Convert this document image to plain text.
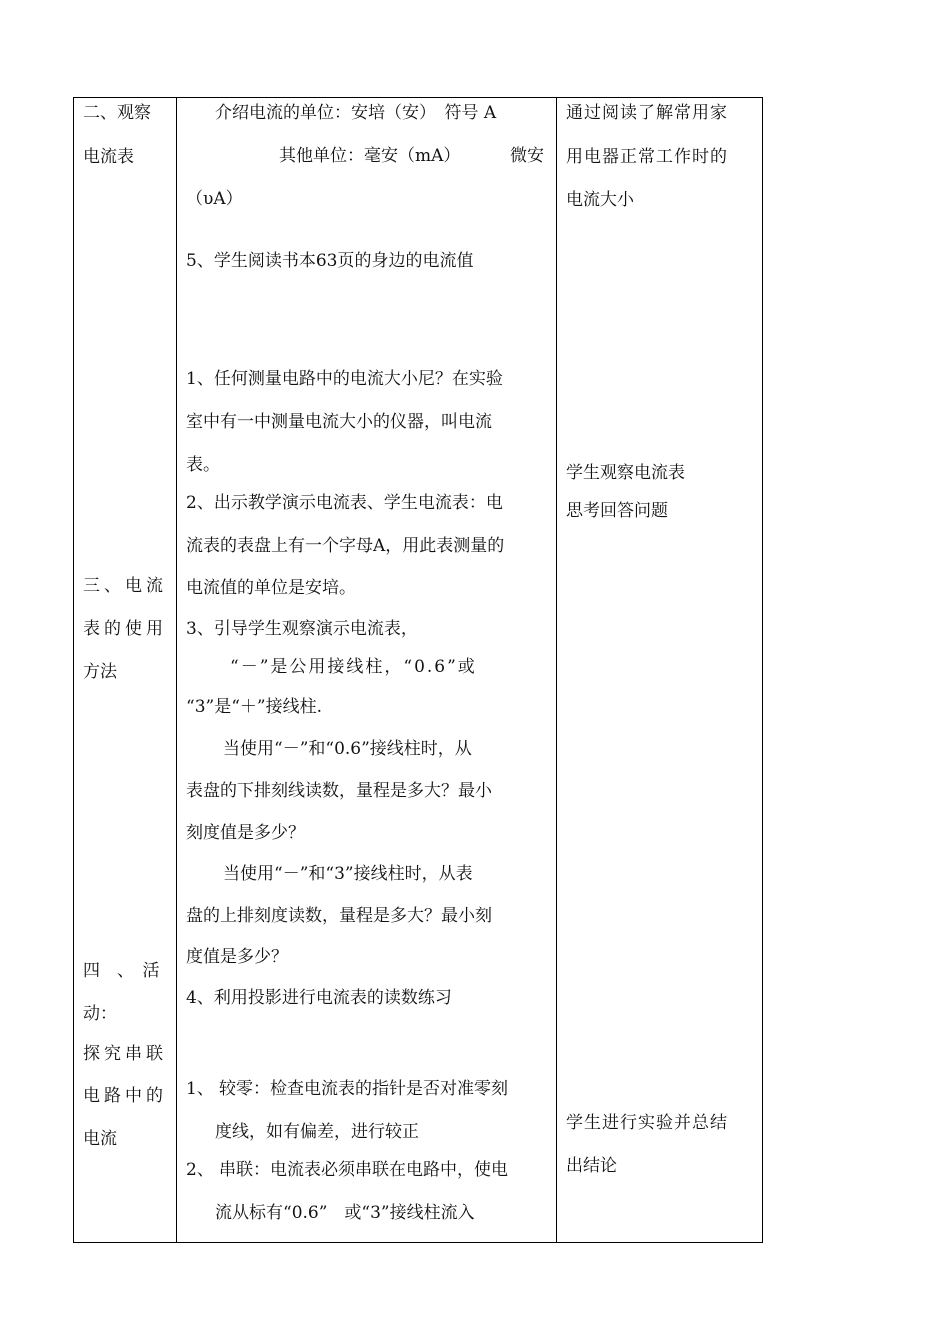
二、观察
电流表
三、电流
表的使用
方法
四　、　活
动：
探究串联
电路中的
电流
介绍电流的单位：安培（安）　符号 A
其他单位：毫安（mA）	微安
（υA）
5、学生阅读书本63页的身边的电流值
1、任何测量电路中的电流大小尼？在实验
室中有一中测量电流大小的仪器，叫电流
表。
2、出示教学演示电流表、学生电流表：电
流表的表盘上有一个字母A，用此表测量的
电流值的单位是安培。
3、引导学生观察演示电流表，
“－”是公用接线柱，“0.6”或
“3”是“＋”接线柱.
当使用“－”和“0.6”接线柱时，从
表盘的下排刻线读数，量程是多大？最小
刻度值是多少？
当使用“－”和“3”接线柱时，从表
盘的上排刻度读数，量程是多大？最小刻
度值是多少？
4、利用投影进行电流表的读数练习
1、 较零：检查电流表的指针是否对准零刻
度线，如有偏差，进行较正
2、 串联：电流表必须串联在电路中，使电
流从标有“0.6”　或“3”接线柱流入
通过阅读了解常用家
用电器正常工作时的
电流大小
学生观察电流表
思考回答问题
学生进行实验并总结
出结论
